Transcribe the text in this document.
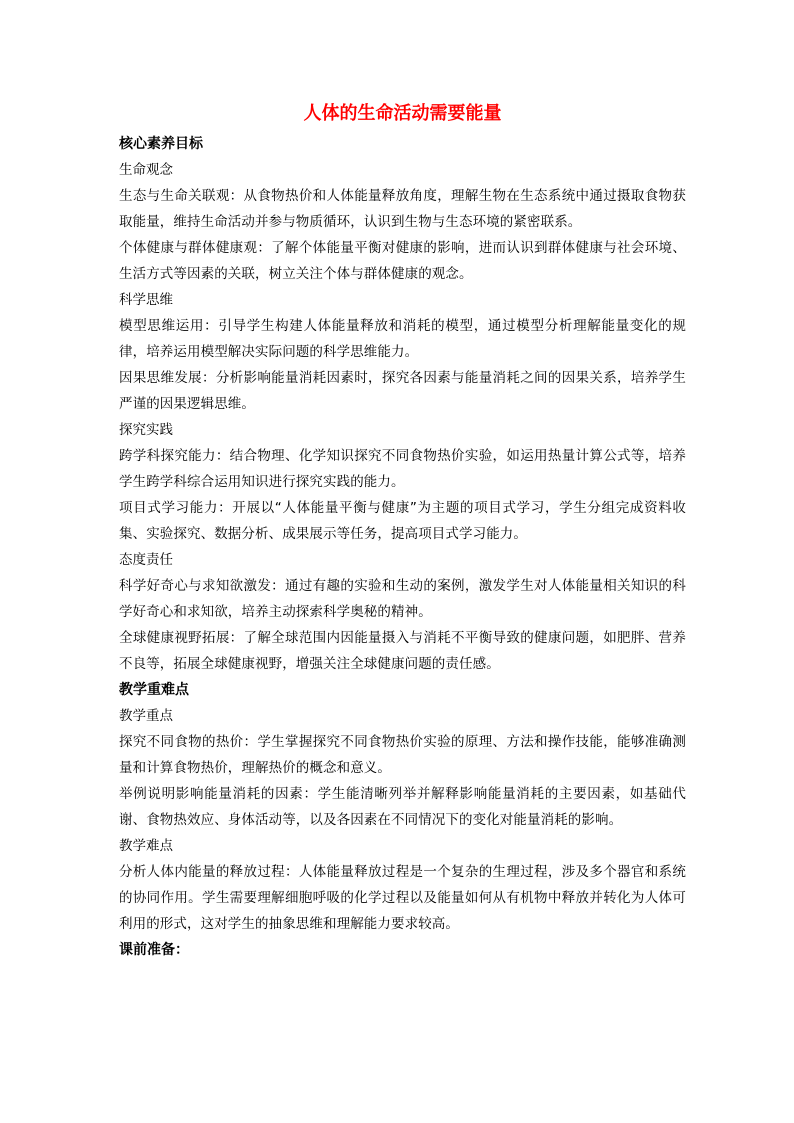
人体的生命活动需要能量

核心素养目标

生命观念

生态与生命关联观：从食物热价和人体能量释放角度，理解生物在生态系统中通过摄取食物获取能量，维持生命活动并参与物质循环，认识到生物与生态环境的紧密联系。

个体健康与群体健康观：了解个体能量平衡对健康的影响，进而认识到群体健康与社会环境、生活方式等因素的关联，树立关注个体与群体健康的观念。

科学思维

模型思维运用：引导学生构建人体能量释放和消耗的模型，通过模型分析理解能量变化的规律，培养运用模型解决实际问题的科学思维能力。

因果思维发展：分析影响能量消耗因素时，探究各因素与能量消耗之间的因果关系，培养学生严谨的因果逻辑思维。

探究实践

跨学科探究能力：结合物理、化学知识探究不同食物热价实验，如运用热量计算公式等，培养学生跨学科综合运用知识进行探究实践的能力。

项目式学习能力：开展以“人体能量平衡与健康”为主题的项目式学习，学生分组完成资料收集、实验探究、数据分析、成果展示等任务，提高项目式学习能力。

态度责任

科学好奇心与求知欲激发：通过有趣的实验和生动的案例，激发学生对人体能量相关知识的科学好奇心和求知欲，培养主动探索科学奥秘的精神。

全球健康视野拓展：了解全球范围内因能量摄入与消耗不平衡导致的健康问题，如肥胖、营养不良等，拓展全球健康视野，增强关注全球健康问题的责任感。

教学重难点

教学重点

探究不同食物的热价：学生掌握探究不同食物热价实验的原理、方法和操作技能，能够准确测量和计算食物热价，理解热价的概念和意义。

举例说明影响能量消耗的因素：学生能清晰列举并解释影响能量消耗的主要因素，如基础代谢、食物热效应、身体活动等，以及各因素在不同情况下的变化对能量消耗的影响。

教学难点

分析人体内能量的释放过程：人体能量释放过程是一个复杂的生理过程，涉及多个器官和系统的协同作用。学生需要理解细胞呼吸的化学过程以及能量如何从有机物中释放并转化为人体可利用的形式，这对学生的抽象思维和理解能力要求较高。

课前准备：
